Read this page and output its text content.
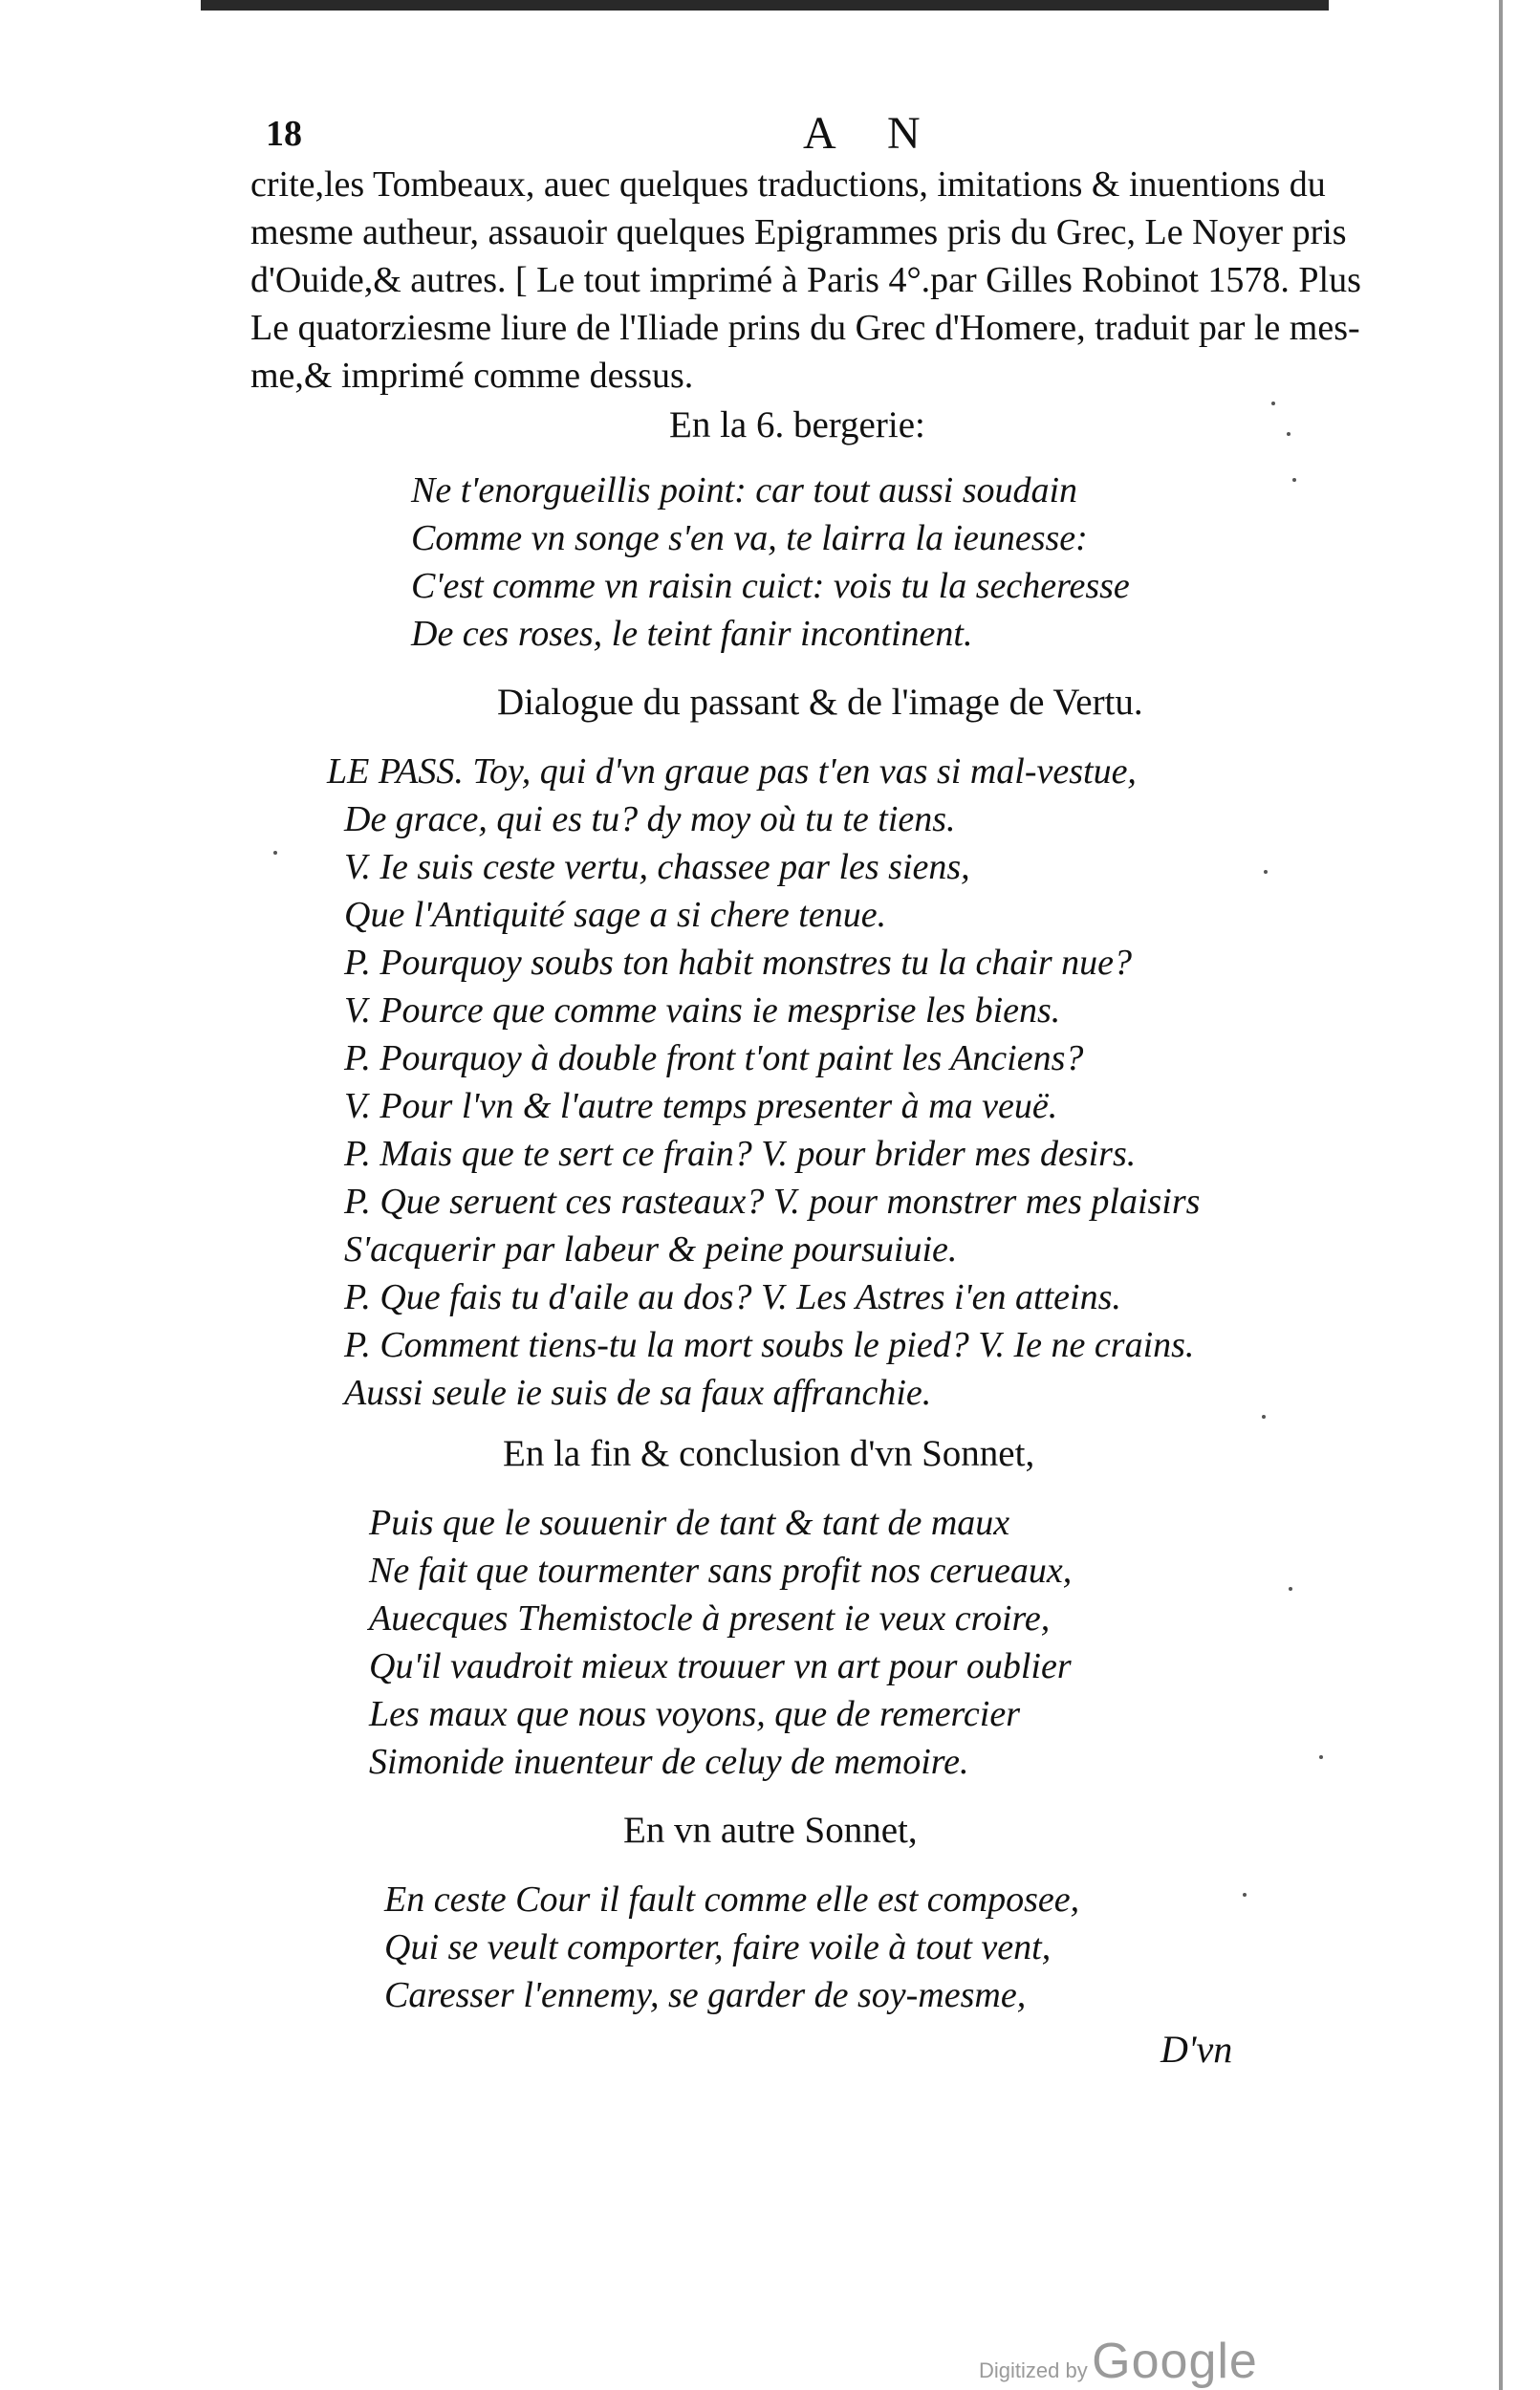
18	A N

crite,les Tombeaux, auec quelques traductions, imitations & inuentions du

mesme autheur, assauoir quelques Epigrammes pris du Grec, Le Noyer pris

d'Ouide,& autres. [ Le tout imprimé à Paris 4°.par Gilles Robinot 1578. Plus

Le quatorziesme liure de l'Iliade prins du Grec d'Homere, traduit par le mes-

me,& imprimé comme dessus.

En la 6. bergerie:
Ne t'enorgueillis point: car tout aussi soudain
Comme vn songe s'en va, te lairra la ieunesse:
C'est comme vn raisin cuict: vois tu la secheresse
De ces roses, le teint fanir incontinent.
Dialogue du passant & de l'image de Vertu.
LE PASS. Toy, qui d'vn graue pas t'en vas si mal-vestue,
De grace, qui es tu? dy moy où tu te tiens.
V. Ie suis ceste vertu, chassee par les siens,
Que l'Antiquité sage a si chere tenue.
P. Pourquoy soubs ton habit monstres tu la chair nue?
V. Pource que comme vains ie mesprise les biens.
P. Pourquoy à double front t'ont paint les Anciens?
V. Pour l'vn & l'autre temps presenter à ma veuë.
P. Mais que te sert ce frain? V. pour brider mes desirs.
P. Que seruent ces rasteaux? V. pour monstrer mes plaisirs
S'acquerir par labeur & peine poursuiuie.
P. Que fais tu d'aile au dos? V. Les Astres i'en atteins.
P. Comment tiens-tu la mort soubs le pied? V. Ie ne crains.
Aussi seule ie suis de sa faux affranchie.
En la fin & conclusion d'vn Sonnet,
Puis que le souuenir de tant & tant de maux
Ne fait que tourmenter sans profit nos cerueaux,
Auecques Themistocle à present ie veux croire,
Qu'il vaudroit mieux trouuer vn art pour oublier
Les maux que nous voyons, que de remercier
Simonide inuenteur de celuy de memoire.
En vn autre Sonnet,
En ceste Cour il fault comme elle est composee,
Qui se veult comporter, faire voile à tout vent,
Caresser l'ennemy, se garder de soy-mesme,
D'vn
Digitized by Google
